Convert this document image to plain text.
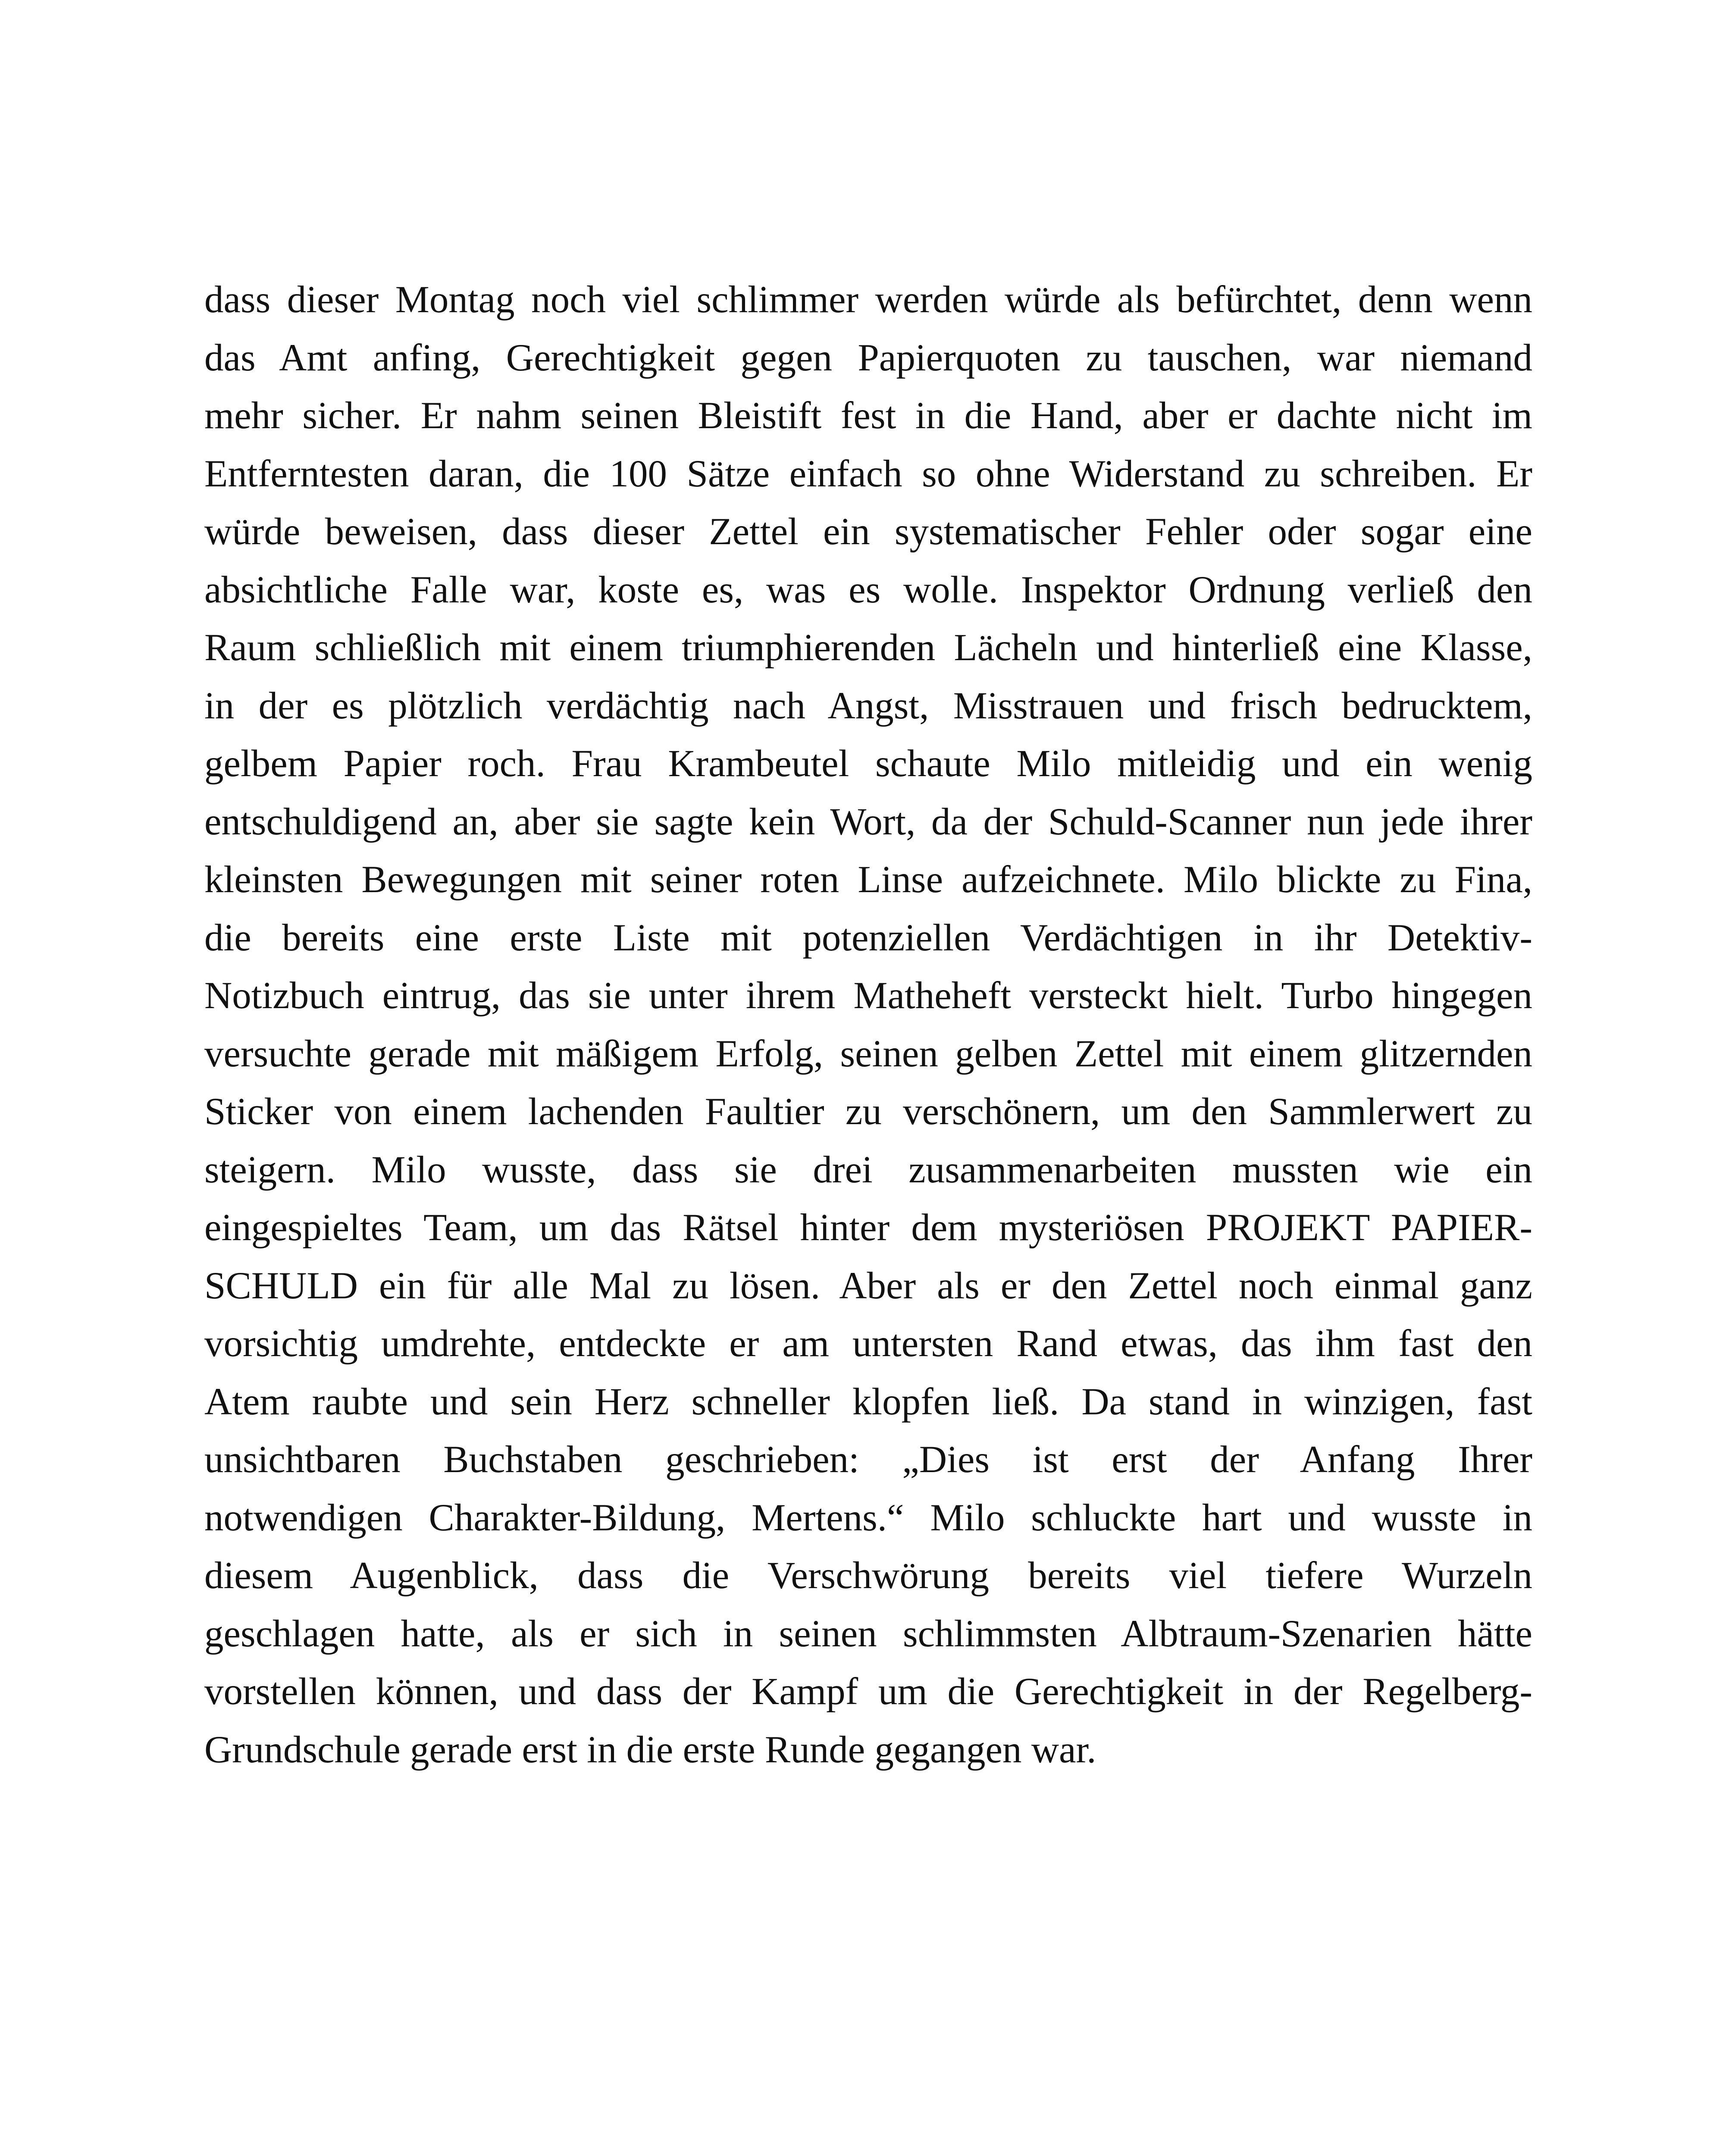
dass dieser Montag noch viel schlimmer werden würde als befürchtet, denn wenn
das Amt anfing, Gerechtigkeit gegen Papierquoten zu tauschen, war niemand
mehr sicher. Er nahm seinen Bleistift fest in die Hand, aber er dachte nicht im
Entferntesten daran, die 100 Sätze einfach so ohne Widerstand zu schreiben. Er
würde beweisen, dass dieser Zettel ein systematischer Fehler oder sogar eine
absichtliche Falle war, koste es, was es wolle. Inspektor Ordnung verließ den
Raum schließlich mit einem triumphierenden Lächeln und hinterließ eine Klasse,
in der es plötzlich verdächtig nach Angst, Misstrauen und frisch bedrucktem,
gelbem Papier roch. Frau Krambeutel schaute Milo mitleidig und ein wenig
entschuldigend an, aber sie sagte kein Wort, da der Schuld-Scanner nun jede ihrer
kleinsten Bewegungen mit seiner roten Linse aufzeichnete. Milo blickte zu Fina,
die bereits eine erste Liste mit potenziellen Verdächtigen in ihr Detektiv-
Notizbuch eintrug, das sie unter ihrem Matheheft versteckt hielt. Turbo hingegen
versuchte gerade mit mäßigem Erfolg, seinen gelben Zettel mit einem glitzernden
Sticker von einem lachenden Faultier zu verschönern, um den Sammlerwert zu
steigern. Milo wusste, dass sie drei zusammenarbeiten mussten wie ein
eingespieltes Team, um das Rätsel hinter dem mysteriösen PROJEKT PAPIER-
SCHULD ein für alle Mal zu lösen. Aber als er den Zettel noch einmal ganz
vorsichtig umdrehte, entdeckte er am untersten Rand etwas, das ihm fast den
Atem raubte und sein Herz schneller klopfen ließ. Da stand in winzigen, fast
unsichtbaren Buchstaben geschrieben: „Dies ist erst der Anfang Ihrer
notwendigen Charakter-Bildung, Mertens.“ Milo schluckte hart und wusste in
diesem Augenblick, dass die Verschwörung bereits viel tiefere Wurzeln
geschlagen hatte, als er sich in seinen schlimmsten Albtraum-Szenarien hätte
vorstellen können, und dass der Kampf um die Gerechtigkeit in der Regelberg-
Grundschule gerade erst in die erste Runde gegangen war.
